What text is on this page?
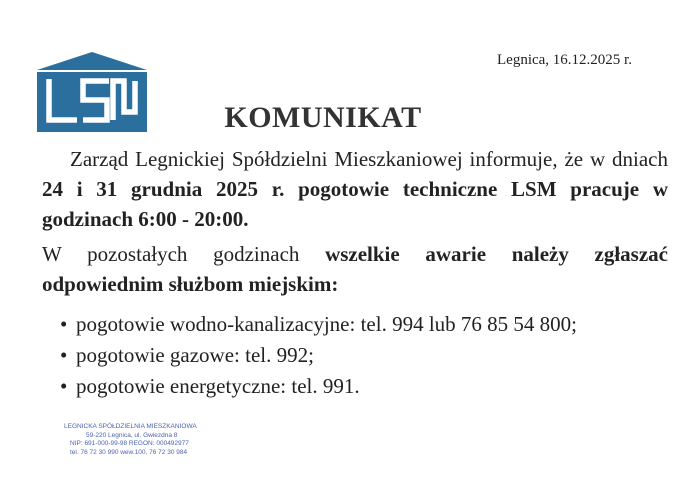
Legnica, 16.12.2025 r.
KOMUNIKAT

Zarząd Legnickiej Spółdzielni Mieszkaniowej informuje, że w dniach 24 i 31 grudnia 2025 r. pogotowie techniczne LSM pracuje w godzinach 6:00 - 20:00.

W pozostałych godzinach wszelkie awarie należy zgłaszać odpowiednim służbom miejskim:

• pogotowie wodno-kanalizacyjne: tel. 994 lub 76 85 54 800;
• pogotowie gazowe: tel. 992;
• pogotowie energetyczne: tel. 991.
LEGNICKA SPÓŁDZIELNIA MIESZKANIOWA
59-220 Legnica, ul. Gwiezdna 8
NIP: 691-000-99-98 REGON: 000492977
tel. 76 72 30 990 wew.100, 76 72 30 984
